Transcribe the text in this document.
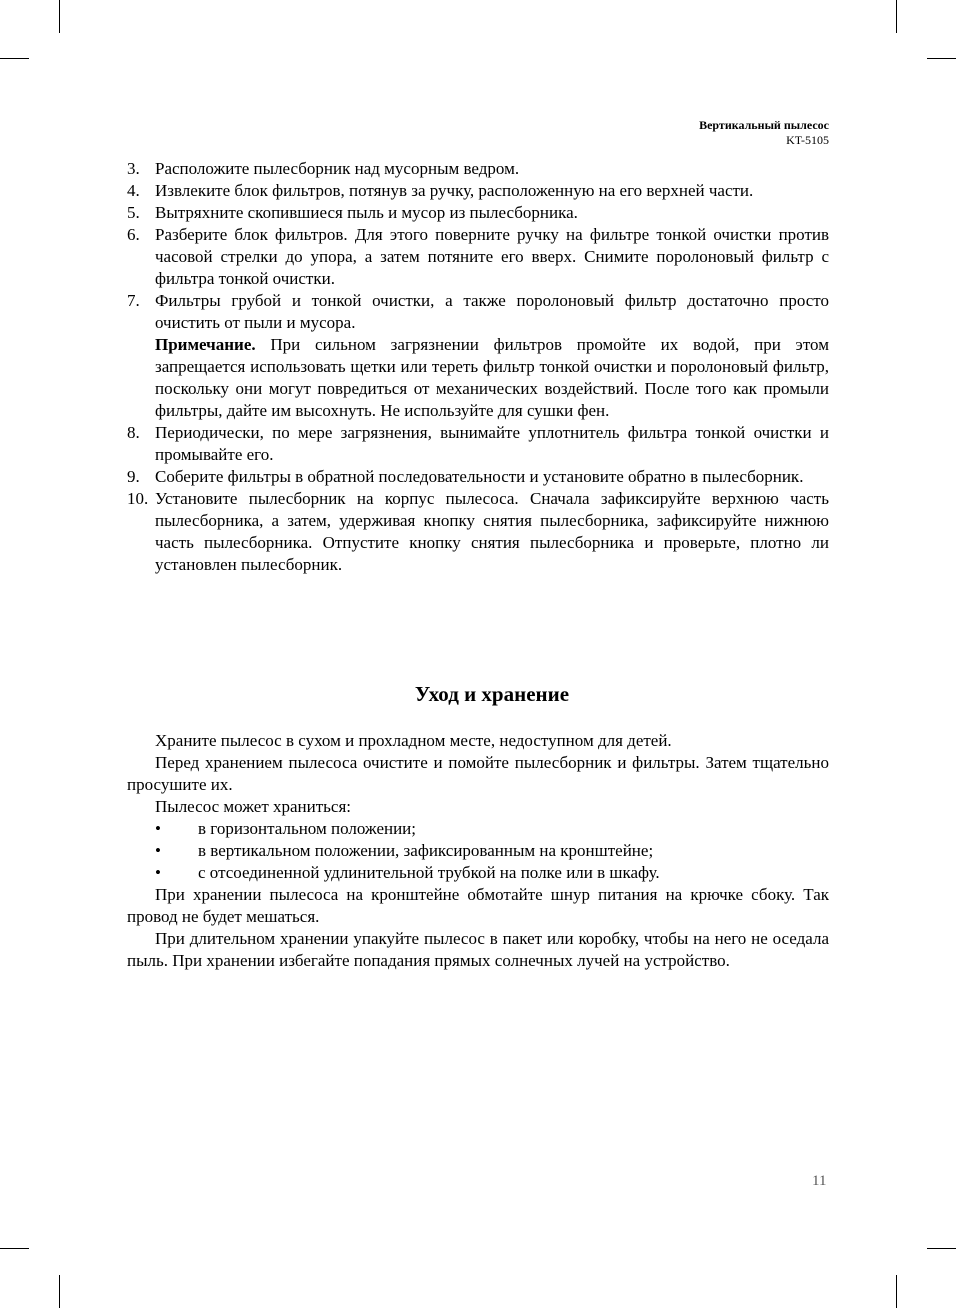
Вертикальный пылесос
KT-5105
3. Расположите пылесборник над мусорным ведром.
4. Извлеките блок фильтров, потянув за ручку, расположенную на его верхней части.
5. Вытряхните скопившиеся пыль и мусор из пылесборника.
6. Разберите блок фильтров. Для этого поверните ручку на фильтре тонкой очистки против часовой стрелки до упора, а затем потяните его вверх. Снимите поролоновый фильтр с фильтра тонкой очистки.
7. Фильтры грубой и тонкой очистки, а также поролоновый фильтр достаточно просто очистить от пыли и мусора.
Примечание. При сильном загрязнении фильтров промойте их водой, при этом запрещается использовать щетки или тереть фильтр тонкой очистки и поролоновый фильтр, поскольку они могут повредиться от механических воздействий. После того как промыли фильтры, дайте им высохнуть. Не используйте для сушки фен.
8. Периодически, по мере загрязнения, вынимайте уплотнитель фильтра тонкой очистки и промывайте его.
9. Соберите фильтры в обратной последовательности и установите обратно в пылесборник.
10. Установите пылесборник на корпус пылесоса. Сначала зафиксируйте верхнюю часть пылесборника, а затем, удерживая кнопку снятия пылесборника, зафиксируйте нижнюю часть пылесборника. Отпустите кнопку снятия пылесборника и проверьте, плотно ли установлен пылесборник.
Уход и хранение

Храните пылесос в сухом и прохладном месте, недоступном для детей.

Перед хранением пылесоса очистите и помойте пылесборник и фильтры. Затем тщательно просушите их.

Пылесос может храниться:

•	в горизонтальном положении;
•	в вертикальном положении, зафиксированным на кронштейне;
•	с отсоединенной удлинительной трубкой на полке или в шкафу.

При хранении пылесоса на кронштейне обмотайте шнур питания на крючке сбоку. Так провод не будет мешаться.

При длительном хранении упакуйте пылесос в пакет или коробку, чтобы на него не оседала пыль. При хранении избегайте попадания прямых солнечных лучей на устройство.

11
